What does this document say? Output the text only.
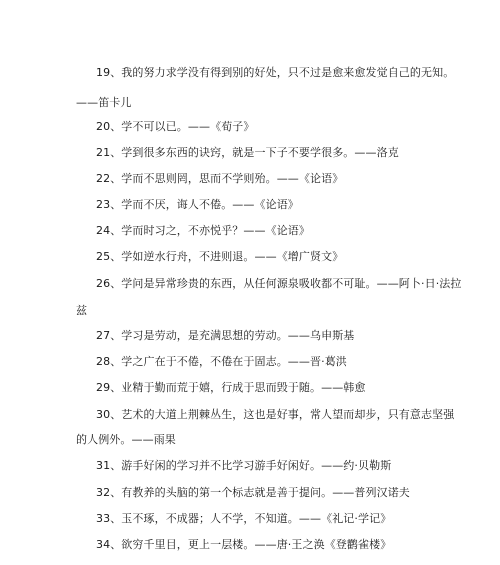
19、我的努力求学没有得到别的好处，只不过是愈来愈发觉自己的无知。
——笛卡儿
20、学不可以已。——《荀子》
21、学到很多东西的诀窍，就是一下子不要学很多。——洛克
22、学而不思则罔，思而不学则殆。——《论语》
23、学而不厌，诲人不倦。——《论语》
24、学而时习之，不亦悦乎？——《论语》
25、学如逆水行舟，不进则退。——《增广贤文》
26、学问是异常珍贵的东西，从任何源泉吸收都不可耻。——阿卜·日·法拉
兹
27、学习是劳动，是充满思想的劳动。——乌申斯基
28、学之广在于不倦，不倦在于固志。——晋·葛洪
29、业精于勤而荒于嬉，行成于思而毁于随。——韩愈
30、艺术的大道上荆棘丛生，这也是好事，常人望而却步，只有意志坚强
的人例外。——雨果
31、游手好闲的学习并不比学习游手好闲好。——约·贝勒斯
32、有教养的头脑的第一个标志就是善于提问。——普列汉诺夫
33、玉不琢，不成器；人不学，不知道。——《礼记·学记》
34、欲穷千里目，更上一层楼。——唐·王之涣《登鹳雀楼》
